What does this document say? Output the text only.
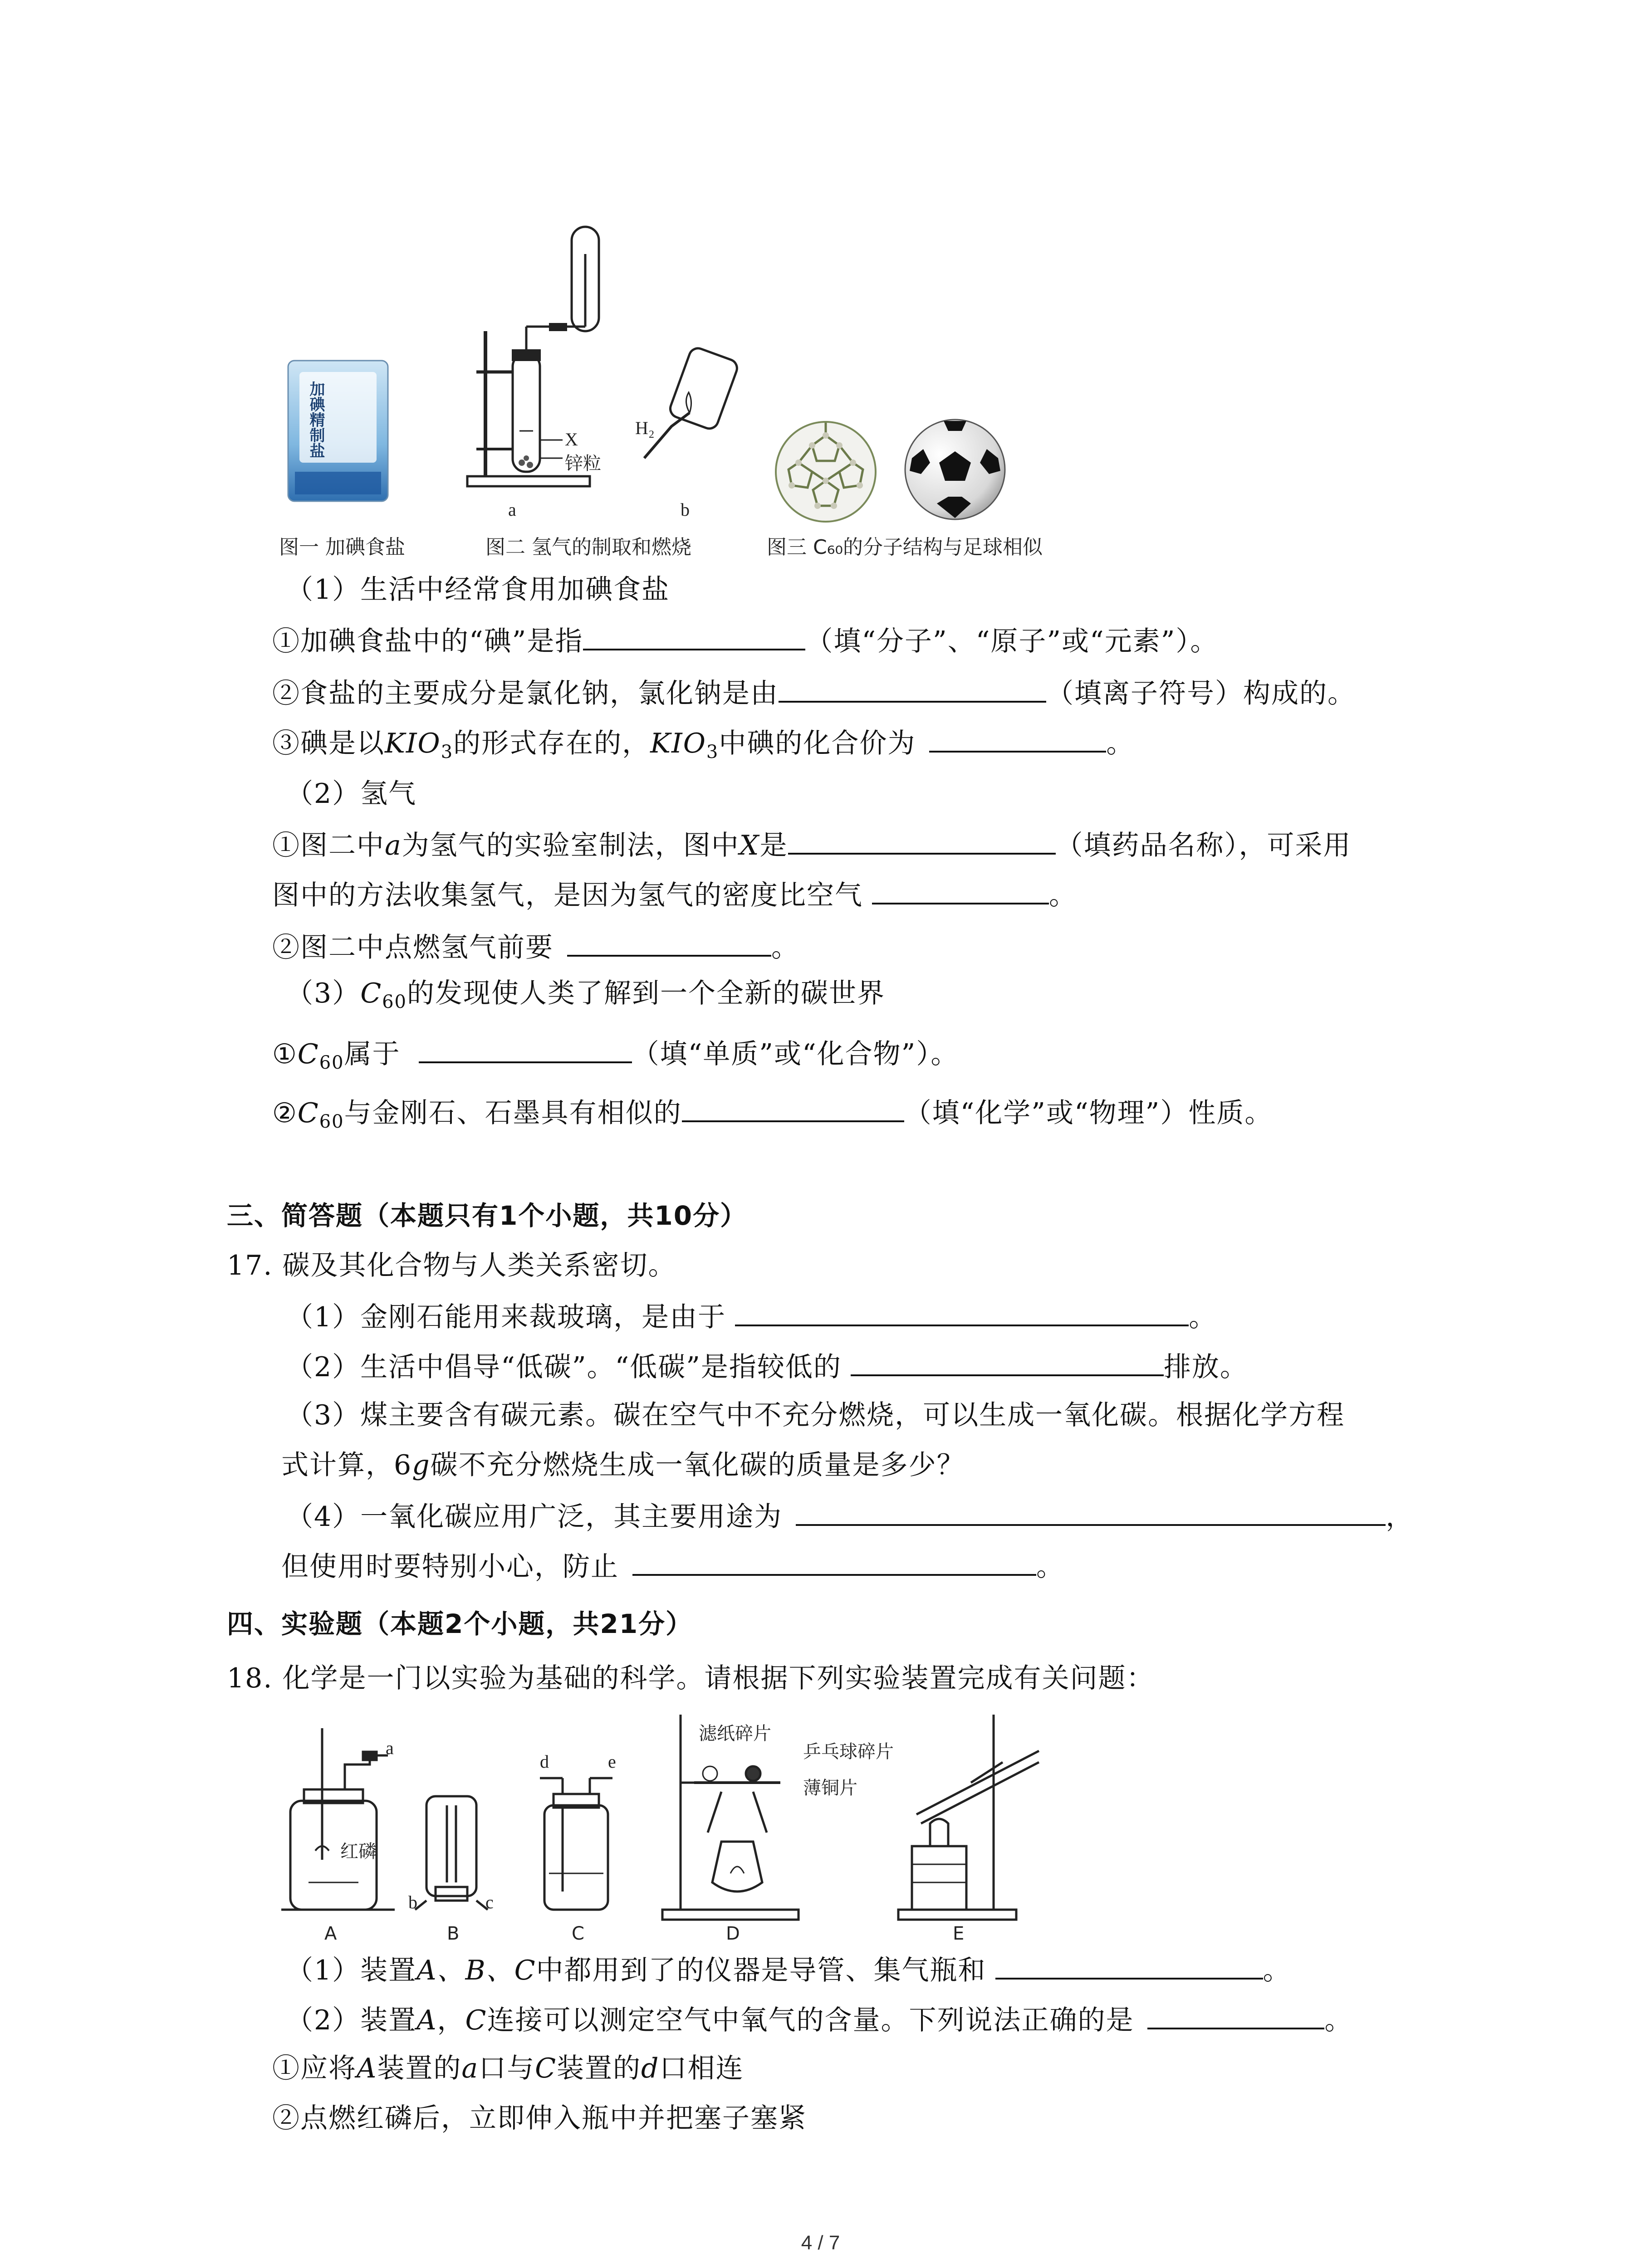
加碘精制盐
图一 加碘食盐
X
锌粒
a
H₂
b
图二 氢气的制取和燃烧	图三 C₆₀的分子结构与足球相似
（1）生活中经常食用加碘食盐
①加碘食盐中的“碘”是指	（填“分子”、“原子”或“元素”）。
②食盐的主要成分是氯化钠，氯化钠是由	（填离子符号）构成的。
③碘是以$KIO_3$的形式存在的，$KIO_3$中碘的化合价为	。
（2）氢气
①图二中a为氢气的实验室制法，图中X是	（填药品名称），可采用
图中的方法收集氢气，是因为氢气的密度比空气	。
②图二中点燃氢气前要	。
$(3)C_{60}$的发现使人类了解到一个全新的碳世界
$①C_{60}$属于	（填“单质”或“化合物”）。
$②C_{60}$与金刚石、石墨具有相似的	（填“化学”或“物理”）性质。
三、简答题（本题只有1个小题，共10分）
17. 碳及其化合物与人类关系密切。
（1）金刚石能用来裁玻璃，是由于	。
（2）生活中倡导“低碳”。“低碳”是指较低的	排放。
（3）煤主要含有碳元素。碳在空气中不充分燃烧，可以生成一氧化碳。根据化学方程
式计算，6g碳不充分燃烧生成一氧化碳的质量是多少？
（4）一氧化碳应用广泛，其主要用途为	，
但使用时要特别小心，防止	。
四、实验题（本题2个小题，共21分）
18. 化学是一门以实验为基础的科学。请根据下列实验装置完成有关问题：
a
红磷
b	c
d	e
滤纸碎片
乒乓球碎片
薄铜片
A	B	C	D	E
（1）装置A、B、C中都用到了的仪器是导管、集气瓶和	。
（2）装置A，C连接可以测定空气中氧气的含量。下列说法正确的是	。
①应将A装置的a口与C装置的d口相连
②点燃红磷后，立即伸入瓶中并把塞子塞紧
4 / 7
